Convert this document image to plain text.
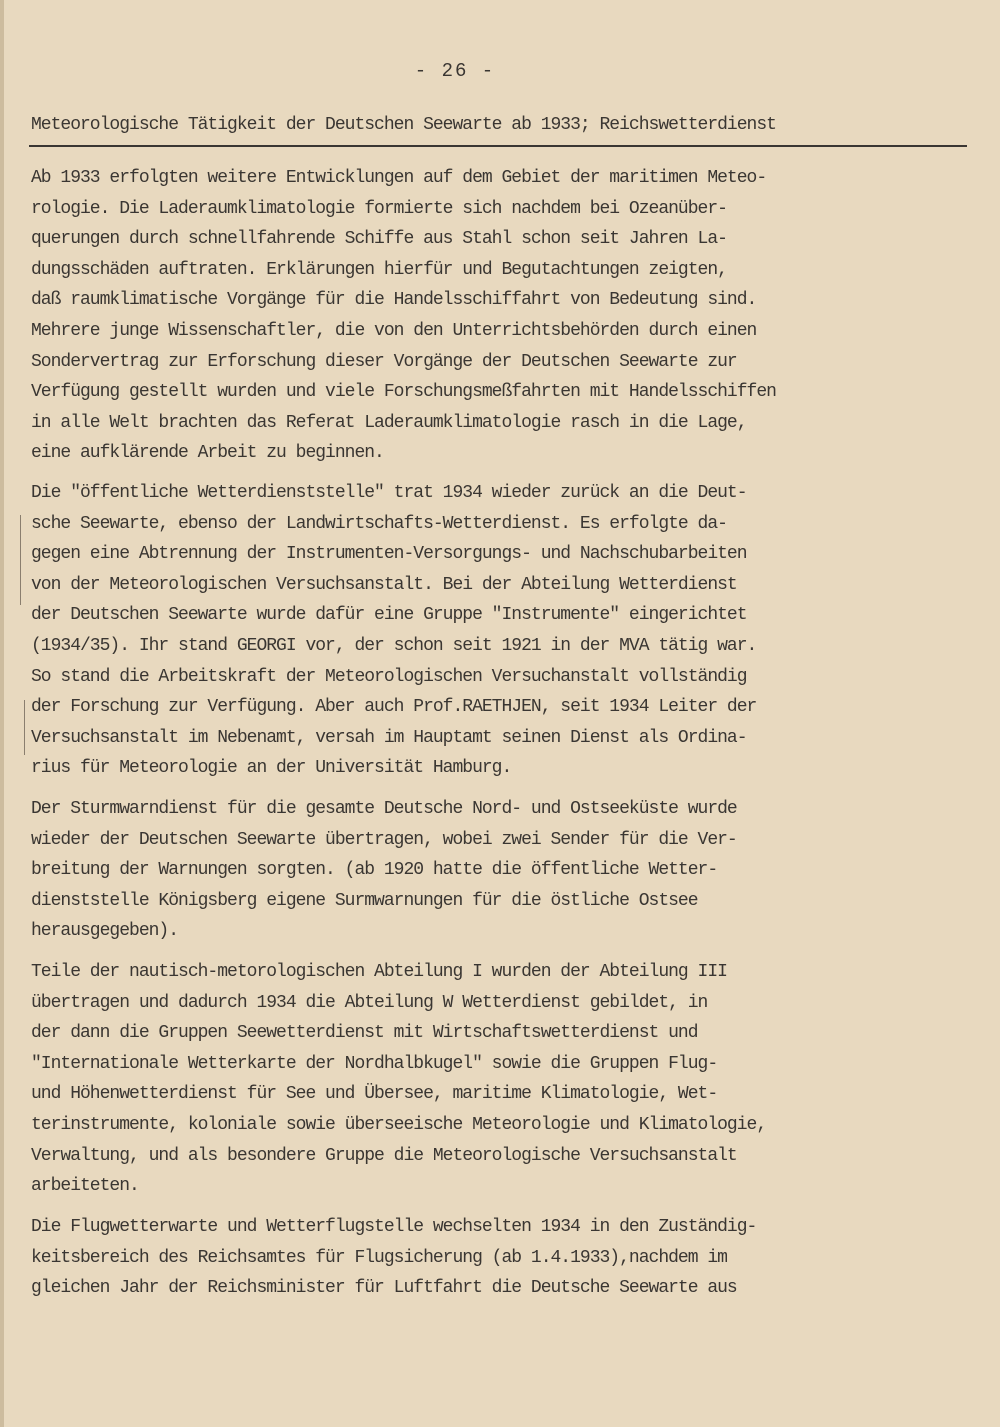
- 26 -
Meteorologische Tätigkeit der Deutschen Seewarte ab 1933; Reichswetterdienst
Ab 1933 erfolgten weitere Entwicklungen auf dem Gebiet der maritimen Meteo-
rologie. Die Laderaumklimatologie formierte sich nachdem bei Ozeanüber-
querungen durch schnellfahrende Schiffe aus Stahl schon seit Jahren La-
dungsschäden auftraten. Erklärungen hierfür und Begutachtungen zeigten,
daß raumklimatische Vorgänge für die Handelsschiffahrt von Bedeutung sind.
Mehrere junge Wissenschaftler, die von den Unterrichtsbehörden durch einen
Sondervertrag zur Erforschung dieser Vorgänge der Deutschen Seewarte zur
Verfügung gestellt wurden und viele Forschungsmeßfahrten mit Handelsschiffen
in alle Welt brachten das Referat Laderaumklimatologie rasch in die Lage,
eine aufklärende Arbeit zu beginnen.
Die "öffentliche Wetterdienststelle" trat 1934 wieder zurück an die Deut-
sche Seewarte, ebenso der Landwirtschafts-Wetterdienst. Es erfolgte da-
gegen eine Abtrennung der Instrumenten-Versorgungs- und Nachschubarbeiten
von der Meteorologischen Versuchsanstalt. Bei der Abteilung Wetterdienst
der Deutschen Seewarte wurde dafür eine Gruppe "Instrumente" eingerichtet
(1934/35). Ihr stand GEORGI vor, der schon seit 1921 in der MVA tätig war.
So stand die Arbeitskraft der Meteorologischen Versuchanstalt vollständig
der Forschung zur Verfügung. Aber auch Prof.RAETHJEN, seit 1934 Leiter der
Versuchsanstalt im Nebenamt, versah im Hauptamt seinen Dienst als Ordina-
rius für Meteorologie an der Universität Hamburg.
Der Sturmwarndienst für die gesamte Deutsche Nord- und Ostseeküste wurde
wieder der Deutschen Seewarte übertragen, wobei zwei Sender für die Ver-
breitung der Warnungen sorgten. (ab 1920 hatte die öffentliche Wetter-
dienststelle Königsberg eigene Surmwarnungen für die östliche Ostsee
herausgegeben).
Teile der nautisch-metorologischen Abteilung I wurden der Abteilung III
übertragen und dadurch 1934 die Abteilung W Wetterdienst gebildet, in
der dann die Gruppen Seewetterdienst mit Wirtschaftswetterdienst und
"Internationale Wetterkarte der Nordhalbkugel" sowie die Gruppen Flug-
und Höhenwetterdienst für See und Übersee, maritime Klimatologie, Wet-
terinstrumente, koloniale sowie überseeische Meteorologie und Klimatologie,
Verwaltung, und als besondere Gruppe die Meteorologische Versuchsanstalt
arbeiteten.
Die Flugwetterwarte und Wetterflugstelle wechselten 1934 in den Zuständig-
keitsbereich des Reichsamtes für Flugsicherung (ab 1.4.1933),nachdem im
gleichen Jahr der Reichsminister für Luftfahrt die Deutsche Seewarte aus
